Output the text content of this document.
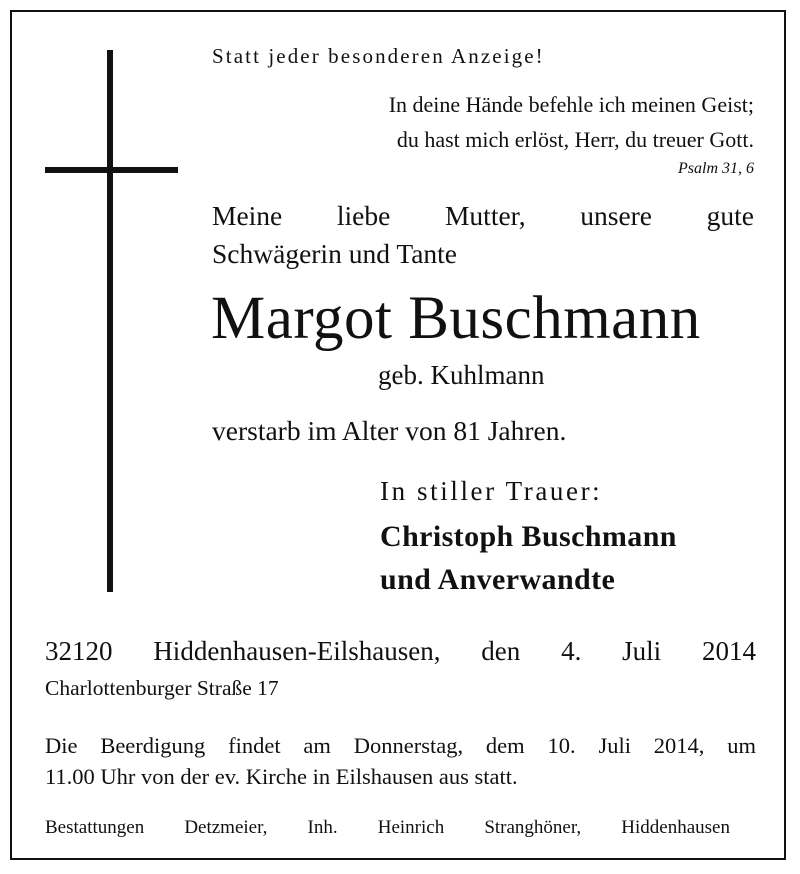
Statt jeder besonderen Anzeige!

In deine Hände befehle ich meinen Geist;

du hast mich erlöst, Herr, du treuer Gott.

Psalm 31, 6

Meine liebe Mutter, unsere gute

Schwägerin und Tante

Margot Buschmann

geb. Kuhlmann

verstarb im Alter von 81 Jahren.

In stiller Trauer:

Christoph Buschmann

und Anverwandte

32120 Hiddenhausen-Eilshausen, den 4. Juli 2014

Charlottenburger Straße 17

Die Beerdigung findet am Donnerstag, dem 10. Juli 2014, um

11.00 Uhr von der ev. Kirche in Eilshausen aus statt.

Bestattungen Detzmeier, Inh. Heinrich Stranghöner, Hiddenhausen
